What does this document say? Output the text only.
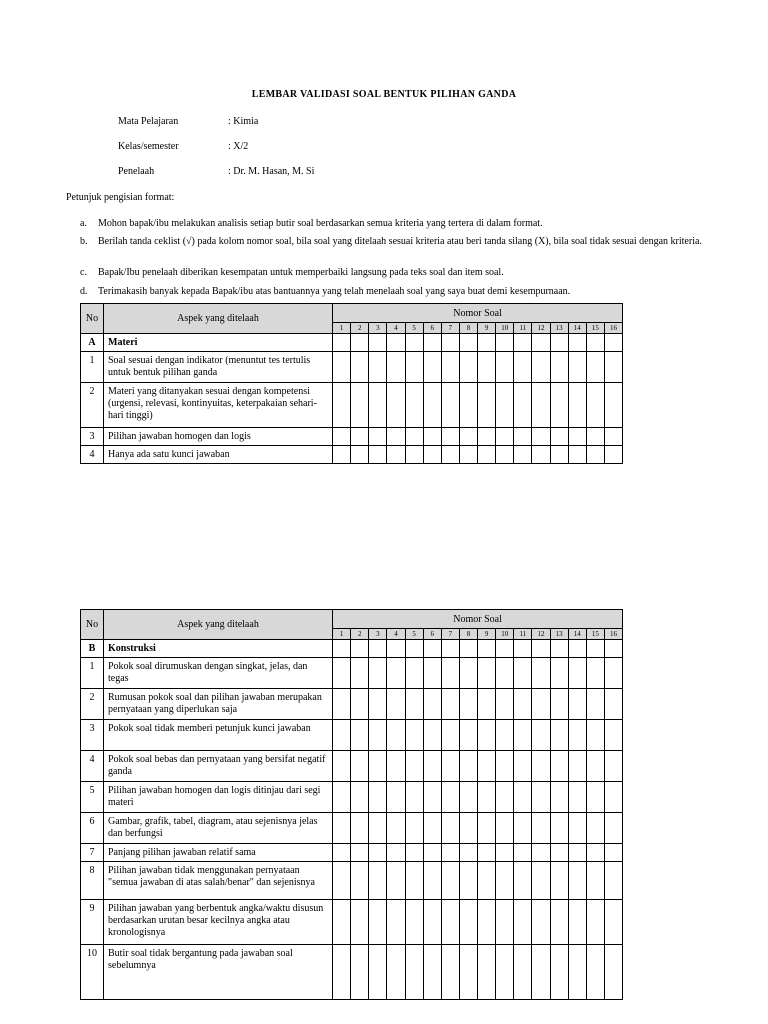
LEMBAR VALIDASI SOAL BENTUK PILIHAN GANDA
Mata Pelajaran	: Kimia
Kelas/semester	: X/2
Penelaah	: Dr. M. Hasan, M. Si
Petunjuk pengisian format:
a. Mohon bapak/ibu melakukan analisis setiap butir soal berdasarkan semua kriteria yang tertera di dalam format.
b. Berilah tanda ceklist (√) pada kolom nomor soal, bila soal yang ditelaah sesuai kriteria atau beri tanda silang (X), bila soal tidak sesuai dengan kriteria.
c. Bapak/Ibu penelaah diberikan kesempatan untuk memperbaiki langsung pada teks soal dan item soal.
d. Terimakasih banyak kepada Bapak/ibu atas bantuannya yang telah menelaah soal yang saya buat demi kesempurnaan.
No	Aspek yang ditelaah	Nomor Soal															
		1	2	3	4	5	6	7	8	9	10	11	12	13	14	15	16
A	Materi																
1	Soal sesuai dengan indikator (menuntut tes tertulis untuk bentuk pilihan ganda																
2	Materi yang ditanyakan sesuai dengan kompetensi (urgensi, relevasi, kontinyuitas, keterpakaian sehari-hari tinggi)																
3	Pilihan jawaban homogen dan logis																
4	Hanya ada satu kunci jawaban																
No	Aspek yang ditelaah	Nomor Soal															
		1	2	3	4	5	6	7	8	9	10	11	12	13	14	15	16
B	Konstruksi																
1	Pokok soal dirumuskan dengan singkat, jelas, dan tegas																
2	Rumusan pokok soal dan pilihan jawaban merupakan pernyataan yang diperlukan saja																
3	Pokok soal tidak memberi petunjuk kunci jawaban																
4	Pokok soal bebas dan pernyataan yang bersifat negatif ganda																
5	Pilihan jawaban homogen dan logis ditinjau dari segi materi																
6	Gambar, grafik, tabel, diagram, atau sejenisnya jelas dan berfungsi																
7	Panjang pilihan jawaban relatif sama																
8	Pilihan jawaban tidak menggunakan pernyataan "semua jawaban di atas salah/benar" dan sejenisnya																
9	Pilihan jawaban yang berbentuk angka/waktu disusun berdasarkan urutan besar kecilnya angka atau kronologisnya																
10	Butir soal tidak bergantung pada jawaban soal sebelumnya																
